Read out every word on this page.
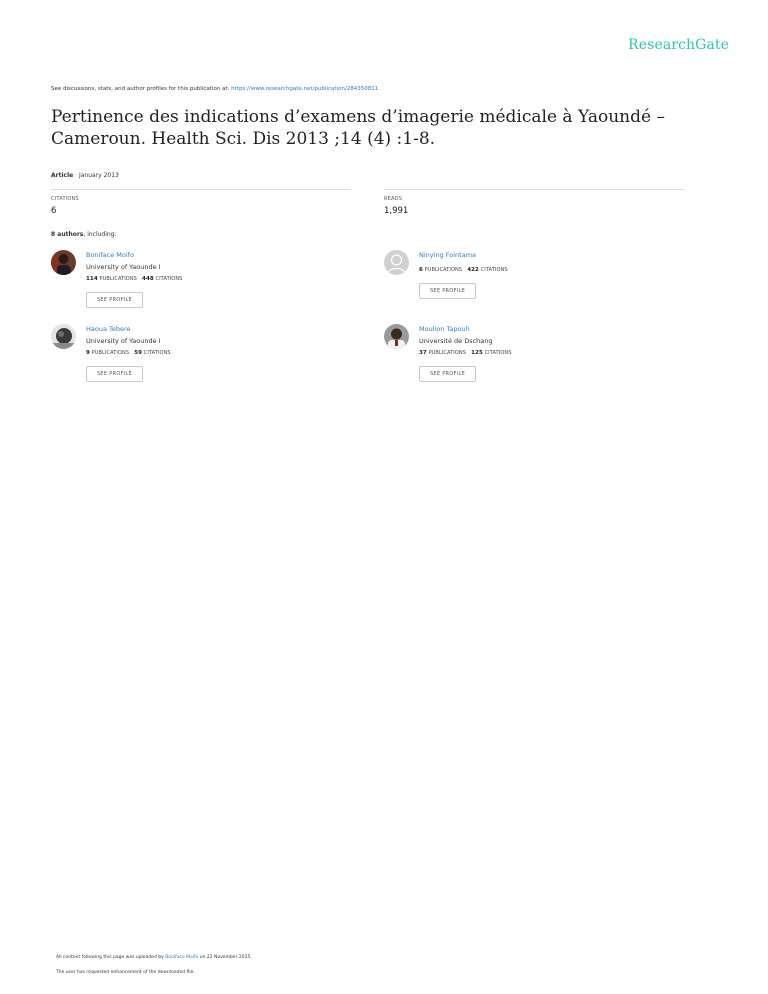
ResearchGate
See discussions, stats, and author profiles for this publication at: https://www.researchgate.net/publication/284350811
Pertinence des indications d’examens d’imagerie médicale à Yaoundé – Cameroun. Health Sci. Dis 2013 ;14 (4) :1-8.
Article · January 2013
CITATIONS
6
READS
1,991
8 authors, including:
Boniface Moifo
University of Yaounde I
114 PUBLICATIONS 448 CITATIONS
SEE PROFILE
Ninying Fointama
6 PUBLICATIONS 422 CITATIONS
SEE PROFILE
Haoua Tebere
University of Yaounde I
9 PUBLICATIONS 59 CITATIONS
SEE PROFILE
Moulion Tapouh
Université de Dschang
37 PUBLICATIONS 125 CITATIONS
SEE PROFILE
All content following this page was uploaded by Boniface Moifo on 22 November 2015.
The user has requested enhancement of the downloaded file.
